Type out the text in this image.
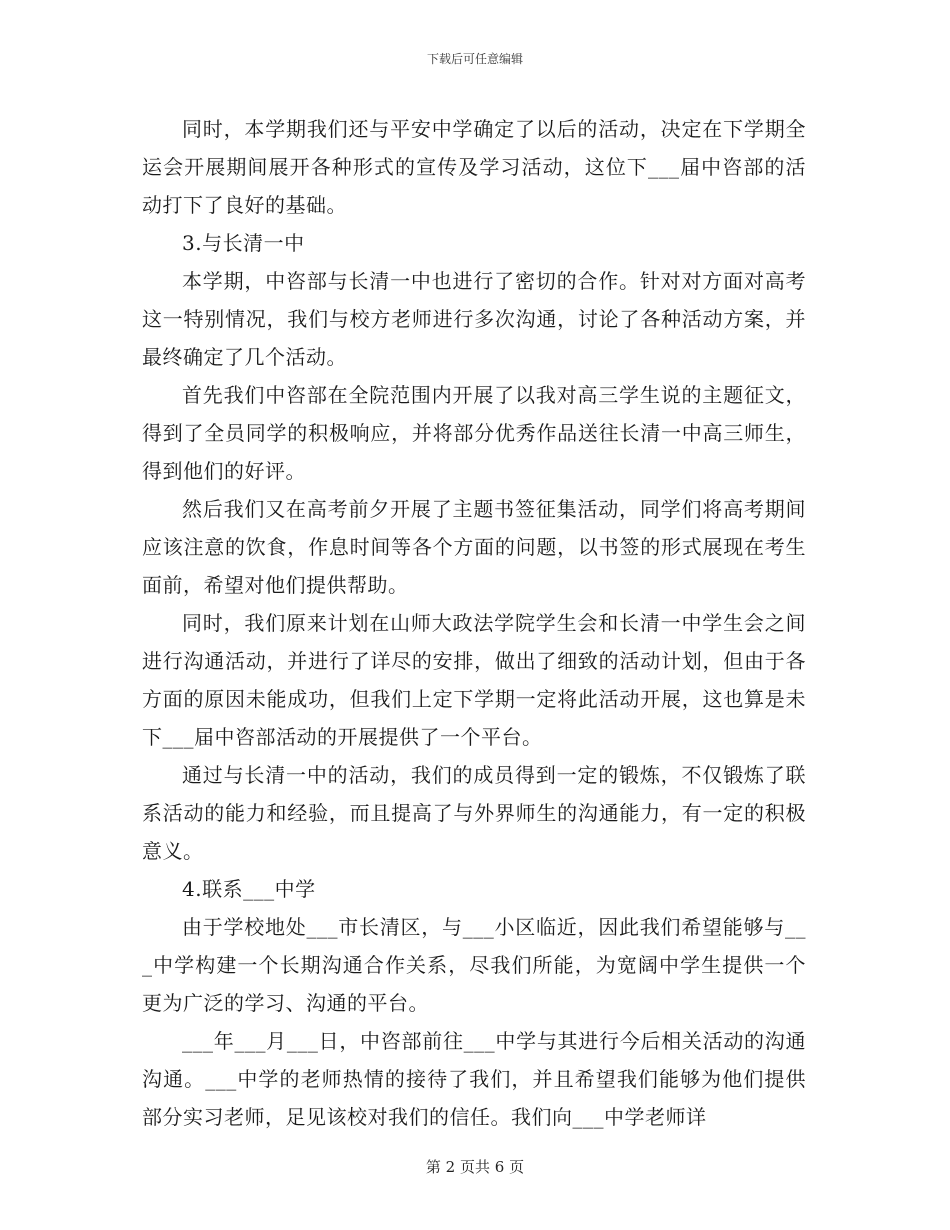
下载后可任意编辑

同时，本学期我们还与平安中学确定了以后的活动，决定在下学期全运会开展期间展开各种形式的宣传及学习活动，这位下___届中咨部的活动打下了良好的基础。

3.与长清一中

本学期，中咨部与长清一中也进行了密切的合作。针对对方面对高考这一特别情况，我们与校方老师进行多次沟通，讨论了各种活动方案，并最终确定了几个活动。

首先我们中咨部在全院范围内开展了以我对高三学生说的主题征文，得到了全员同学的积极响应，并将部分优秀作品送往长清一中高三师生，得到他们的好评。

然后我们又在高考前夕开展了主题书签征集活动，同学们将高考期间应该注意的饮食，作息时间等各个方面的问题，以书签的形式展现在考生面前，希望对他们提供帮助。

同时，我们原来计划在山师大政法学院学生会和长清一中学生会之间进行沟通活动，并进行了详尽的安排，做出了细致的活动计划，但由于各方面的原因未能成功，但我们上定下学期一定将此活动开展，这也算是未下___届中咨部活动的开展提供了一个平台。

通过与长清一中的活动，我们的成员得到一定的锻炼，不仅锻炼了联系活动的能力和经验，而且提高了与外界师生的沟通能力，有一定的积极意义。

4.联系___中学

由于学校地处___市长清区，与___小区临近，因此我们希望能够与___中学构建一个长期沟通合作关系，尽我们所能，为宽阔中学生提供一个更为广泛的学习、沟通的平台。

___年___月___日，中咨部前往___中学与其进行今后相关活动的沟通沟通。___中学的老师热情的接待了我们，并且希望我们能够为他们提供部分实习老师，足见该校对我们的信任。我们向___中学老师详

第 2 页共 6 页
